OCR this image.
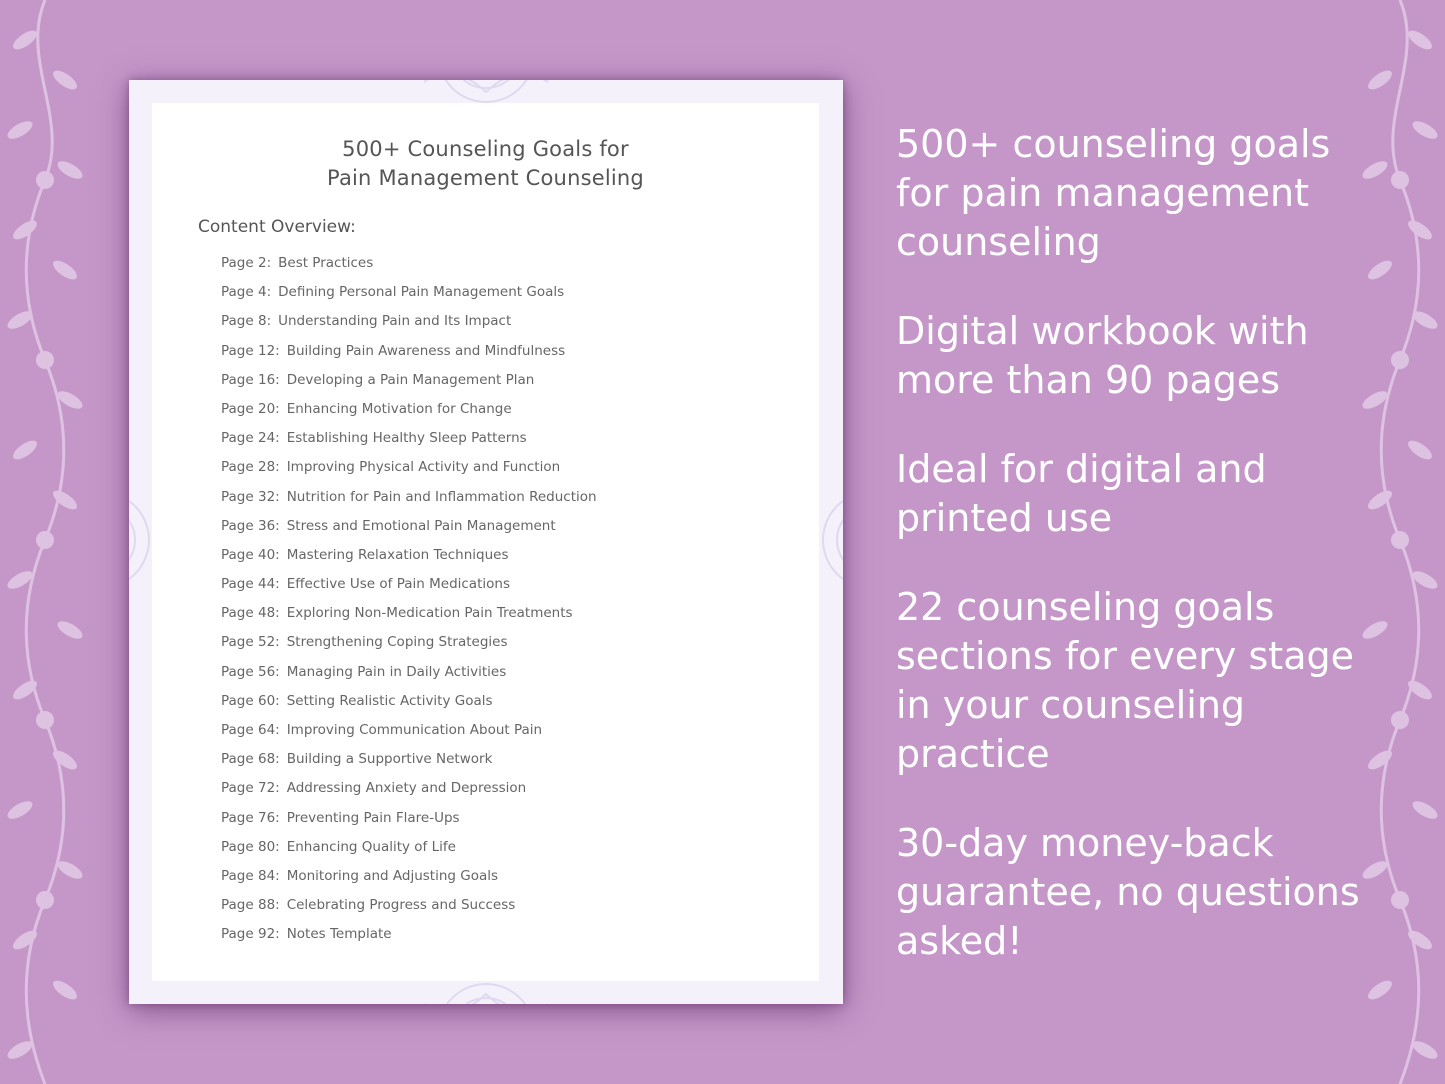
500+ Counseling Goals for
Pain Management Counseling
Content Overview:
Page 2: Best Practices
Page 4: Defining Personal Pain Management Goals
Page 8: Understanding Pain and Its Impact
Page 12: Building Pain Awareness and Mindfulness
Page 16: Developing a Pain Management Plan
Page 20: Enhancing Motivation for Change
Page 24: Establishing Healthy Sleep Patterns
Page 28: Improving Physical Activity and Function
Page 32: Nutrition for Pain and Inflammation Reduction
Page 36: Stress and Emotional Pain Management
Page 40: Mastering Relaxation Techniques
Page 44: Effective Use of Pain Medications
Page 48: Exploring Non-Medication Pain Treatments
Page 52: Strengthening Coping Strategies
Page 56: Managing Pain in Daily Activities
Page 60: Setting Realistic Activity Goals
Page 64: Improving Communication About Pain
Page 68: Building a Supportive Network
Page 72: Addressing Anxiety and Depression
Page 76: Preventing Pain Flare-Ups
Page 80: Enhancing Quality of Life
Page 84: Monitoring and Adjusting Goals
Page 88: Celebrating Progress and Success
Page 92: Notes Template

500+ counseling goals for pain management counseling

Digital workbook with more than 90 pages

Ideal for digital and printed use

22 counseling goals sections for every stage in your counseling practice

30-day money-back guarantee, no questions asked!
